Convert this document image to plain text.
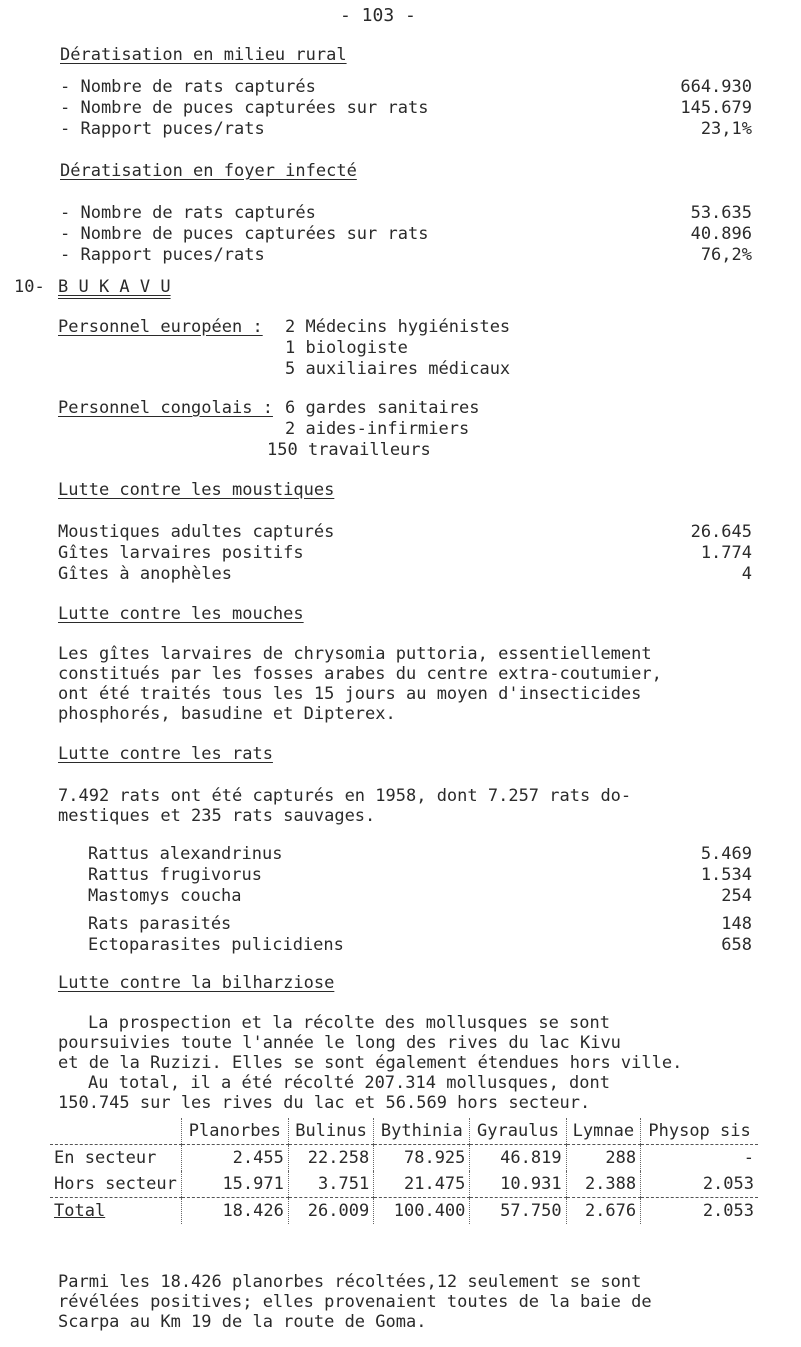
- 103 -
Dératisation en milieu rural
- Nombre de rats capturés	664.930
- Nombre de puces capturées sur rats	145.679
- Rapport puces/rats	23,1%
Dératisation en foyer infecté
- Nombre de rats capturés	53.635
- Nombre de puces capturées sur rats	40.896
- Rapport puces/rats	76,2%
10- B U K A V U
Personnel européen : 2 Médecins hygiénistes
1 biologiste
5 auxiliaires médicaux
Personnel congolais : 6 gardes sanitaires
2 aides-infirmiers
150 travailleurs
Lutte contre les moustiques
Moustiques adultes capturés	26.645
Gîtes larvaires positifs	1.774
Gîtes à anophèles	4
Lutte contre les mouches
Les gîtes larvaires de chrysomia puttoria, essentiellement
constitués par les fosses arabes du centre extra-coutumier,
ont été traités tous les 15 jours au moyen d'insecticides
phosphorés, basudine et Dipterex.
Lutte contre les rats
7.492 rats ont été capturés en 1958, dont 7.257 rats do-
mestiques et 235 rats sauvages.
Rattus alexandrinus	5.469
Rattus frugivorus	1.534
Mastomys coucha	254
Rats parasités	148
Ectoparasites pulicidiens	658
Lutte contre la bilharziose
La prospection et la récolte des mollusques se sont
poursuivies toute l'année le long des rives du lac Kivu
et de la Ruzizi. Elles se sont également étendues hors ville.
Au total, il a été récolté 207.314 mollusques, dont
150.745 sur les rives du lac et 56.569 hors secteur.
	Planorbes	Bulinus	Bythinia	Gyraulus	Lymnae	Physop sis
En secteur	2.455	22.258	78.925	46.819	288	-
Hors secteur	15.971	3.751	21.475	10.931	2.388	2.053
Total	18.426	26.009	100.400	57.750	2.676	2.053
Parmi les 18.426 planorbes récoltées,12 seulement se sont
révélées positives; elles provenaient toutes de la baie de
Scarpa au Km 19 de la route de Goma.
